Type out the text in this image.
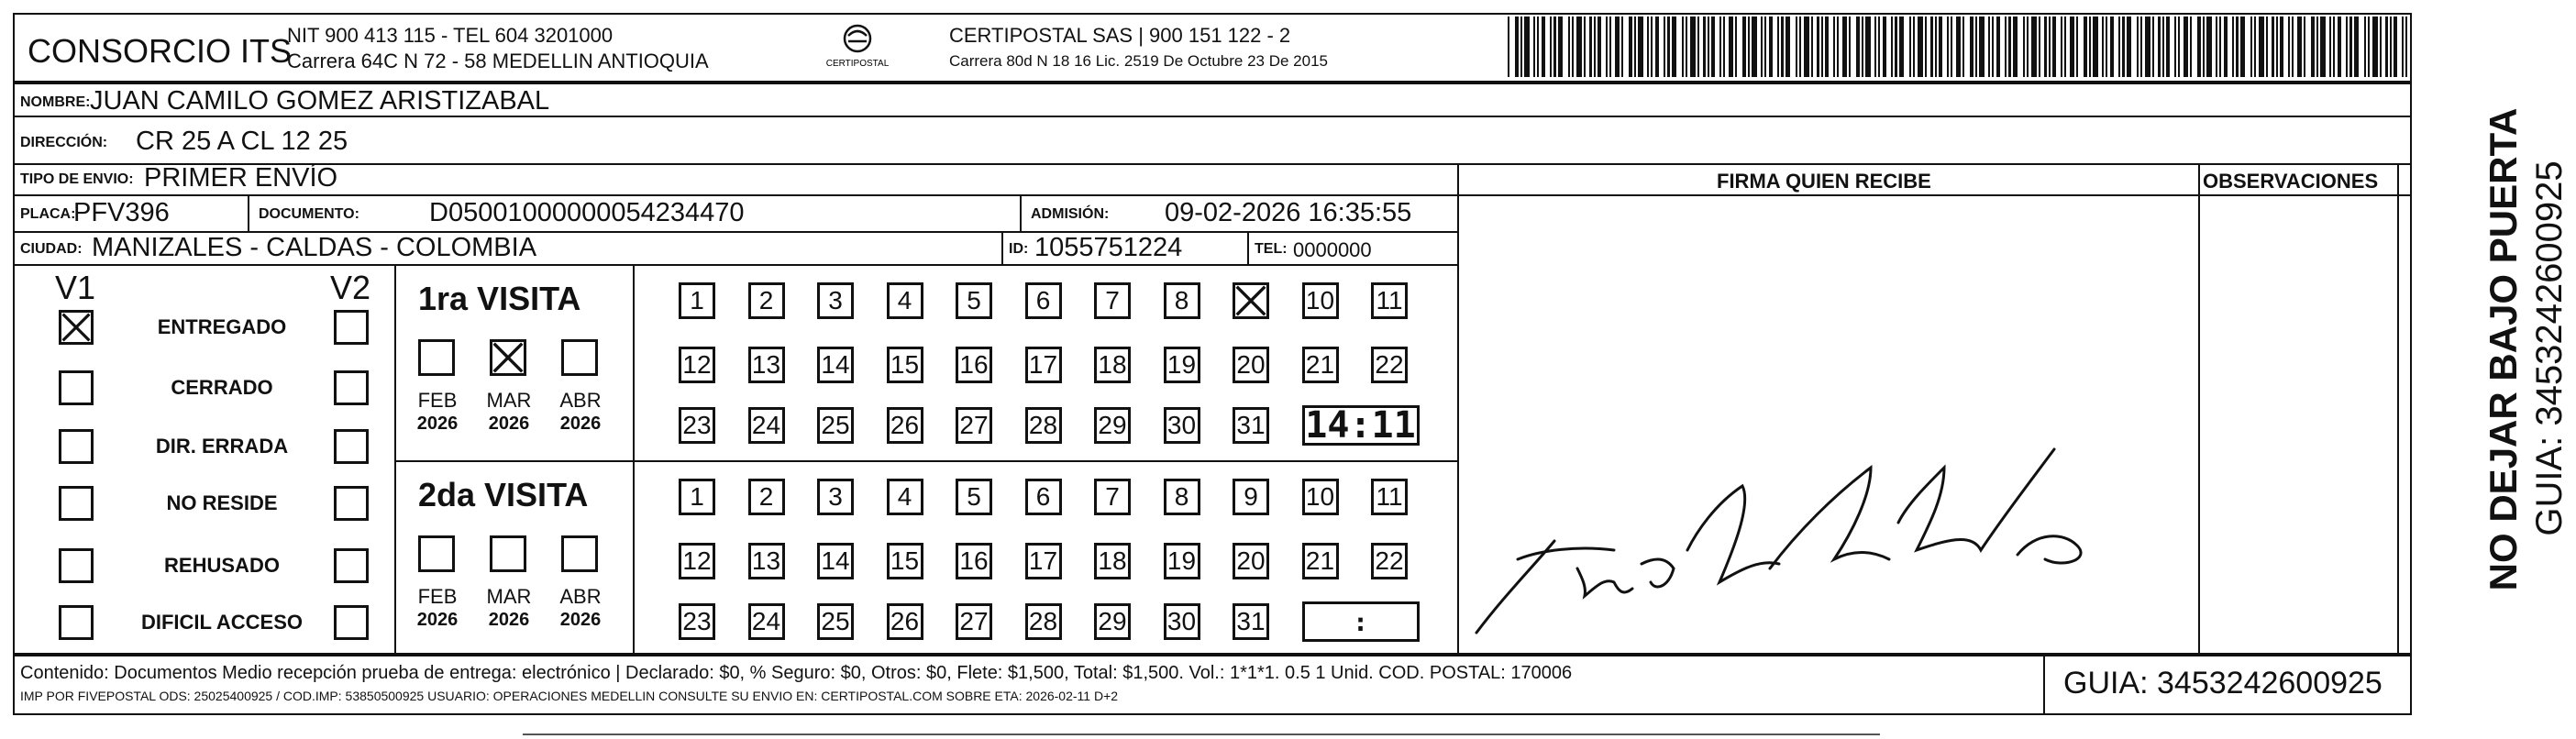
CONSORCIO ITS
NIT 900 413 115 - TEL 604 3201000
Carrera 64C N 72 - 58 MEDELLIN ANTIOQUIA	CERTIPOSTAL
CERTIPOSTAL SAS | 900 151 122 - 2
Carrera 80d N 18 16 Lic. 2519 De Octubre 23 De 2015
NOMBRE: JUAN CAMILO GOMEZ ARISTIZABAL
DIRECCIÓN: CR 25 A CL 12 25
TIPO DE ENVIO: PRIMER ENVÍO	FIRMA QUIEN RECIBE	OBSERVACIONES
PLACA:
PFV396	DOCUMENTO:	D05001000000054234470	ADMISIÓN: 09-02-2026 16:35:55
CIUDAD: MANIZALES - CALDAS - COLOMBIA	ID: 1055751224	TEL: 0000000
V1	V2
ENTREGADO
CERRADO
DIR. ERRADA
NO RESIDE
REHUSADO
DIFICIL ACCESO
1ra VISITA
FEB
2026
MAR
2026
ABR
2026
1 2 3 4 5 6 7 8	10 11
12 13 14 15 16 17 18 19 20 21 22
23 24 25 26 27 28 29 30 31 14:11
2da VISITA
FEB
2026
MAR
2026
ABR
2026
1 2 3 4 5 6 7 8 9 10 11
12 13 14 15 16 17 18 19 20 21 22
23 24 25 26 27 28 29 30 31	:
NO DEJAR BAJO PUERTA GUIA: 3453242600925
Contenido: Documentos Medio recepción prueba de entrega: electrónico | Declarado: $0, % Seguro: $0, Otros: $0, Flete: $1,500, Total: $1,500. Vol.: 1*1*1. 0.5 1 Unid. COD. POSTAL: 170006
IMP POR FIVEPOSTAL ODS: 25025400925 / COD.IMP: 53850500925 USUARIO: OPERACIONES MEDELLIN CONSULTE SU ENVIO EN: CERTIPOSTAL.COM SOBRE ETA: 2026-02-11 D+2	GUIA: 3453242600925
